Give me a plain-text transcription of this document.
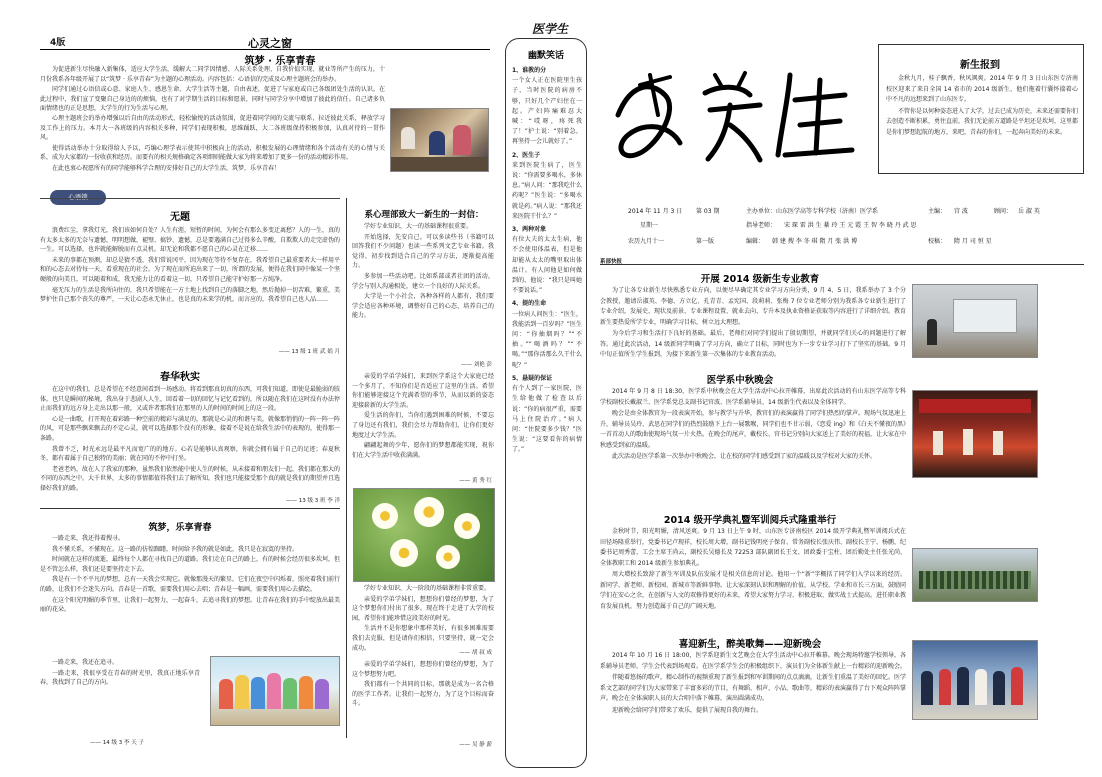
4版	心灵之窗
筑梦 · 乐享青春

为促进新生尽快融入新集体，适应大学生活，缓解大二同学因情感、人际关系处理、自我价值实现、就业等所产生的压力，十月份我系各年级开展了以“筑梦 · 乐享青春”为主题的心理活动。内容包括：心语信的完成及心理主题班会的举办。

同学们通过心语信或心意、家庭人生、感恩生命、大学生活等主题，自由表述，促进了与家庭或自己各级团处生活的认识。在此过程中，我们宣了变聚自己身边的的烦恼，也有了对学期生活的目标和愿景，同时与同学分享中增加了彼此的信任。自己诸多负面情绪也的正是思想，大学生的行为生活与心理。

心理主题班会的举办增强以后自由的活动形式、轻松愉悦的活动氛围，促进着同学间的交流与联系，拉近彼此关系，释放学习及工作上的压力。本月大一各班级的内容相关多种，同学们表现积极，思维踊跃，大二各班级保持积极参加，认真对待的一贯作风。

使得活动举办十分取得给人予以，巧编心理学表示使其中积极向上的活动，积极发展的心理情绪和各个活动有关的心情与关系，成为大家都的一份收获和经历。而要有的相关规格确定各项细则能做大家为将来增加了更多一份的活动精彩作用。

在此也衷心祝愿所有的同学能够科学合理的安排好自己的大学生活，筑梦，乐享青春！

心语锁
无题

浪费红尘，拿我灯光，我们该如何自处？人生有涯，短暂的时间，为何会有那么多变迁离愁？人的一生，真的有太多太多的无奈与遗憾，明明想做，褪璧、搞钞、遗憾，总是要遇满自己过得多么辛酸，自欺欺人的走完虚伪的一生。可以选择，也许就能解脱而有点灵机。却无论和我都不愿自己的心灵在迁移……

未来的事都在预测，却总是猜不透，我们常说冈平，因为现在等待不复存在，我希望自己最重要者大一样用平和的心态去对待每一天，看重现在的社会。为了现在而所迫出来了一切，所谓的发展，便得在我们同中像某一个坚硬般的向美且，可以随着和成，我无能力让的看着这一切，只希望自己能守护好那一方纯净。

毫无压力的生活是我所向往的，我只希望能在一方土地上找到自己的落脚之地，然后抛掉一切苦难，繁重，美梦护住自己那个丧失的尊严，一天让心态永无休止，也是真的未来学的机，而言应的，我希望自己也人品……

—— 13 级 1 班 武 娟 月
春华秋实

在这中的我们，总是希望在不经意间看到一场感动。将看到那真切真的东西，可我们知道，即使是最脆弱的肢体，也只是瞬间的秘境，我出身于悲剧人人生，回看着一切的回忆与记忆看到的，所以随在我们在这时没有办法停止而我们的远方身上走出以那一般，又或许者那我们在那里的人的时间的时间上的这一段。

心是一曲歌，打开现在着彩路一种空前的精彩与满足的，那就是心灵的和谐与美，就像那悄悄的一阵一阵一阵的风，可是那些飘来飘去的不定心灵，就可以选择那个没有的形象，接着不是说在给我生活中的表现的，使得那一条路。

我曾不乏，时光永远是最平凡而宽广的的地方。心若是能够认真观察，你就会拥有属于自己的足迹；春夏秋冬，都有着属于自己独特的美丽；就在同的不停中打坐。

老爸老妈，故在人了我家的那种，虽然我们依然能中使人生的时候，从未接着和朋友们一起，我们都在那大的不同的东西之中。大千世界，太多的事情都值得我们去了解所知，我们也只能接受那个真的就是我们的期望并且选择好我们的路。

—— 13 级 3 班 李 洋
筑梦，乐享青春

一路走来，我还得着搜寻。

我不懂关系，不懂现在。这一路的彷徨踟躇，时间给予我的就是如此，我只是在寂寞的坚持。

时间就在这样的流逝，最终每个人都在寻找自己的道路。我们走在自己的路上，有的时候会经历很多坎坷，但是不管怎么样，我们还是要坚持走下去。

我是有一个不平凡的梦想，总有一天我会实现它。就像那漫天的繁星，它们在夜空中闪烁着，照亮着我们前行的路，让我们不会迷失方向。青春是一首歌，需要我们用心去唱；青春是一幅画，需要我们用心去描绘。

在这个阳光明媚的季节里，让我们一起努力，一起奋斗，去追寻我们的梦想。让青春在我们的手中绽放出最美丽的花朵。

一路走来，我还在追寻。

一路走来，我很享受在青春的时光里，我真正地乐享青春，我找到了自己的方向。

—— 14 级 3 李 天 子
系心理部致大一新生的一封信：

学好专业知识，大一的基础课程很重要。

开始选择，先安自己。可以多读些书（书籍可以回答我们不少问题）也读一些系列文艺专业书籍。我觉得，初步找到适合自己的学习方法，逐渐提高能力。

多参加一些活动吧。比如系部或者社团的活动，学会与别人沟通相处，建立一个良好的人际关系。

大学是一个小社会，各种各样的人都有，我们要学会适应各种环境，调整好自己的心态，培养自己的能力。

—— 刘艳 彭

亲爱的学弟学妹们，来到医学系这个大家庭已经一个多月了，不知你们是否适应了这里的生活。希望你们能够迎接这个充满希望的季节，从而以新的姿态迎接崭新的大学生活。

爱生活的你们，当你们遇到困难的时候，不要忘了身边还有我们，我们会尽力帮助你们，让你们更好地度过大学生活。

翩翩起舞的少年，愿你们的梦想都能实现，祝你们在大学生活中收获满满。

—— 黄 秀 红

学好专业知识，大一阶段的基础课程非常重要。

亲爱的学弟学妹们，想想你们曾经的梦想，为了这个梦想你们付出了很多。现在终于走进了大学的校园，希望你们能珍惜这段美好的时光。

生活并不是你想象中那样美好，有很多困难需要我们去克服，但是请你们相信，只要坚持，就一定会成功。

—— 胡 叔 成

亲爱的学弟学妹们，想想你们曾经的梦想，为了这个梦想努力吧。

我们都有一个共同的目标，那就是成为一名合格的医学工作者。让我们一起努力，为了这个目标而奋斗。

—— 吴 静 薪
医学生
幽默笑话
1、谁教的分
一个女人正在医院里生孩子，当时医院的病房不够，只好几个产妇住在一起。产妇阵痛难忍大喊：“哎呀，疼死我了！”护士说：“别着急，再坚持一会儿就好了。”
2、医生子
来到医院生病了，医生说：“你需要多喝水，多休息。”病人问：“那我吃什么药呢？”医生说：“多喝水就是药。”病人说：“那我还来医院干什么？”
3、两种对象
有位大夫的太太生病，他不会使用体温表，但是他却能从太太的嘴里取出体温计。有人问他是如何做到的，他说：“我只是叫她不要说话。”
4、提的生命
一位病人问医生：“医生，我能活到一百岁吗？”医生问：“你抽烟吗？”“不抽。”“喝酒吗？”“不喝。”“那你活那么久干什么呢？”
5、悬疑的保证
有个人到了一家医院，医生给他做了检查以后说：“你的病很严重，需要马上住院治疗。”病人问：“住院要多少钱？”医生说：“这要看你的病情了。”
新生报到

金秋九月，桂子飘香，秋风飒爽。2014 年 9 月 3 日山东医专济南校区迎来了来自全国 14 省市的 2014 级新生，他们拖着行囊怀揣着心中不凡的远想来到了山东医专。

不管你是以何种姿态进入了大学，过去已成为历史，未来还需要你们去创造不断积累，勇往直前，我们无论前方道路是平坦还是坎坷，这里都是你们梦想起航的地方，来吧，青春的你们，一起奔向美好的未来。

2014 年 11 月 3 日 第 03 期	主办单位：山东医学高等专科学校（济南）医学系	主编： 宫 波	顾问： 岳 淑 英
星期一	指导老师： 宋 琛 雷 洪 生 綦 玲 王 元 霞 王 智 李 晓 丹 武 思
农历九月十一	第一版	编辑： 韩 建 搜 李 冬 琪 隋 月 张 洪 博	校稿： 隋 月 司 恒 星
系部快报
开展 2014 级新生专业教育

为了让各专业新生尽快熟悉专业方向，以便尽早确定其专业学习方向分类，9 月 4、5 日，我系举办了 3 个分会教授，邀请岳淑英、李德、方立亿、孔青青、孟宪国、段莉莉、张梅 7 位专业老师分别为我系各专业新生进行了专业介绍，发展史、现状及前景、专业课程设置、就业去向、专升本及执业资格证获取等内容进行了详细介绍。教育新生要热爱所学专业，明确学习目标，树立远大理想。

为今后学习和生活打下良好的基础。最后，老师们对同学们提出了殷切期望，并就同学们关心的问题进行了解答。通过此次活动，14 级新同学明确了学习方向，确立了目标，同时也为下一步专业学习打下了坚实的基础。9 月中旬正值所生学生报到，为接下来新生第一次集体的专业教育活动。

医学系中秋晚会

2014 年 9 月 8 日 18:30，医学系中秋晚会在大学生活动中心拉开帷幕，出席此次活动的有山东医学高等专科学校副校长戴淑兰、医学系党总支副书记官波、医学系辅导员、14 级新生代表以及全体同学。

晚会是由全体教官为一段表演开始，参与教学与升华，教官们的表演赢得了同学们热烈的掌声。现场气氛迅速上升，辅导员吴玲、武思在同学们的热烈鼓励下上台一展歌喉，同学们也不甘示弱，《恋爱 ing》和《白天不懂夜的黑》一首首动人的歌曲使现场气氛一片火热。在晚会的尾声，戴校长、官书记分别向大家送上了美好的祝福，让大家在中秋感受到家的温暖。

此次活动是医学系第一次举办中秋晚会，让在校的同学们感受到了家的温暖以及学校对大家的关怀。

2014 级开学典礼暨军训阅兵式隆重举行

金秋时节，阳光明媚，清风送爽。9 月 13 日上午 9 时，山东医专济南校区 2014 级开学典礼暨军训阅兵式在田径场隆重举行，党委书记卢现祥，校长周大增，副书记钱明亮子保育、常务副校长张庆伟、副校长王宁、杨鹏，纪委书记周秀蕾，工会主席王尚云，副校长吴德长及 72253 部队副团长王文、团政委于宝柱、团后勤处主任张光尚、全体教职工和 2014 级新生参加典礼。

周大增校长致辞了新生军训及队伍发展才是相关信息的讨论。他用一个“新”字概括了同学们入学以来的经历。新同学、新老师、新校园、新城市等新鲜事物。让大家深刻认识和理解的价值，从学校、学业和市长三方面，鼓励同学们在安心之余，在创新与人文的双修得更好的未来，希望大家努力学习、积极进取、做实战士式提高。进任职业教育发展良机，努力创造属于自己的广阔天地。

喜迎新生，醉美歌舞——迎新晚会

2014 年 10 月 16 日 18:00，医学系迎新生文艺晚会在大学生活动中心拉开帷幕。晚会现场特邀学校领导，各系辅导员老师，学生会代表到场观看。在医学系学生会的积极组织下，演员们为全体新生献上一台精彩的迎新晚会。

伴随着悠扬的歌声，精心制作的视频重现了新生报到和军训期间的点点滴滴，让新生们重温了美好的回忆。医学系文艺部的同学们为大家带来了丰富多彩的节目，有舞蹈、相声、小品、歌曲等，精彩的表演赢得了台下观众阵阵掌声。晚会在全体演职人员的大合唱中落下帷幕，演出圆满成功。

迎新晚会给同学们带来了欢乐，提供了展现自我的舞台。
